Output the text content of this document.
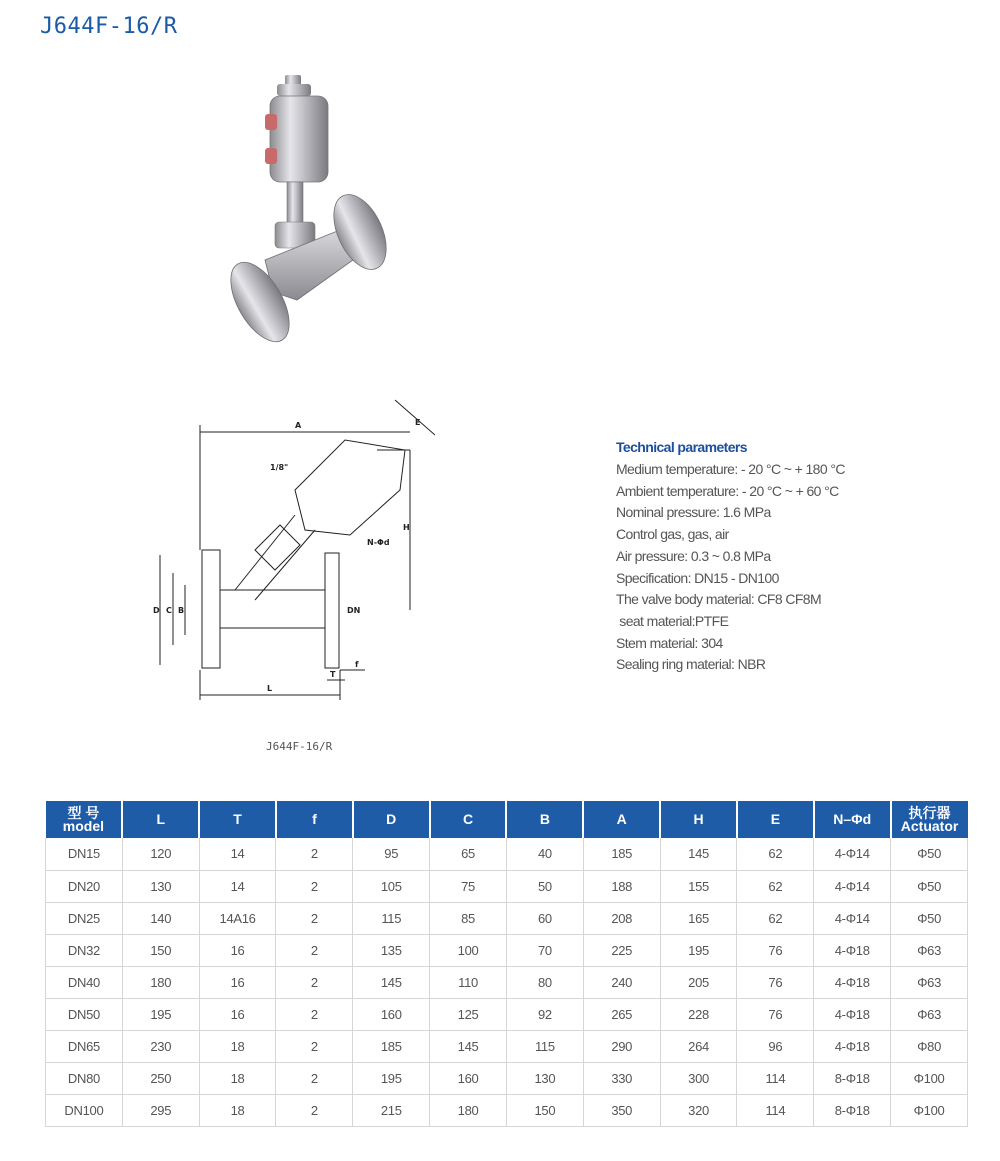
J644F-16/R
A	E
H
L
T
f
D C B
N-Φd
DN
1/8"
J644F-16/R
Technical parameters
Medium temperature: - 20 °C ~ + 180 °C
Ambient temperature: - 20 °C ~ + 60 °C
Nominal pressure: 1.6 MPa
Control gas, gas, air
Air pressure: 0.3 ~ 0.8 MPa
Specification: DN15 - DN100
The valve body material: CF8 CF8M
seat material:PTFE
Stem material: 304
Sealing ring material: NBR
型 号
model	L	T	f	D	C	B	A	H	E	N–Φd	执行器
Actuator

DN15	120	14	2	95	65	40	185	145	62	4-Φ14	Φ50
DN20	130	14	2	105	75	50	188	155	62	4-Φ14	Φ50
DN25	140	14A16	2	115	85	60	208	165	62	4-Φ14	Φ50
DN32	150	16	2	135	100	70	225	195	76	4-Φ18	Φ63
DN40	180	16	2	145	110	80	240	205	76	4-Φ18	Φ63
DN50	195	16	2	160	125	92	265	228	76	4-Φ18	Φ63
DN65	230	18	2	185	145	115	290	264	96	4-Φ18	Φ80
DN80	250	18	2	195	160	130	330	300	114	8-Φ18	Φ100
DN100	295	18	2	215	180	150	350	320	114	8-Φ18	Φ100
